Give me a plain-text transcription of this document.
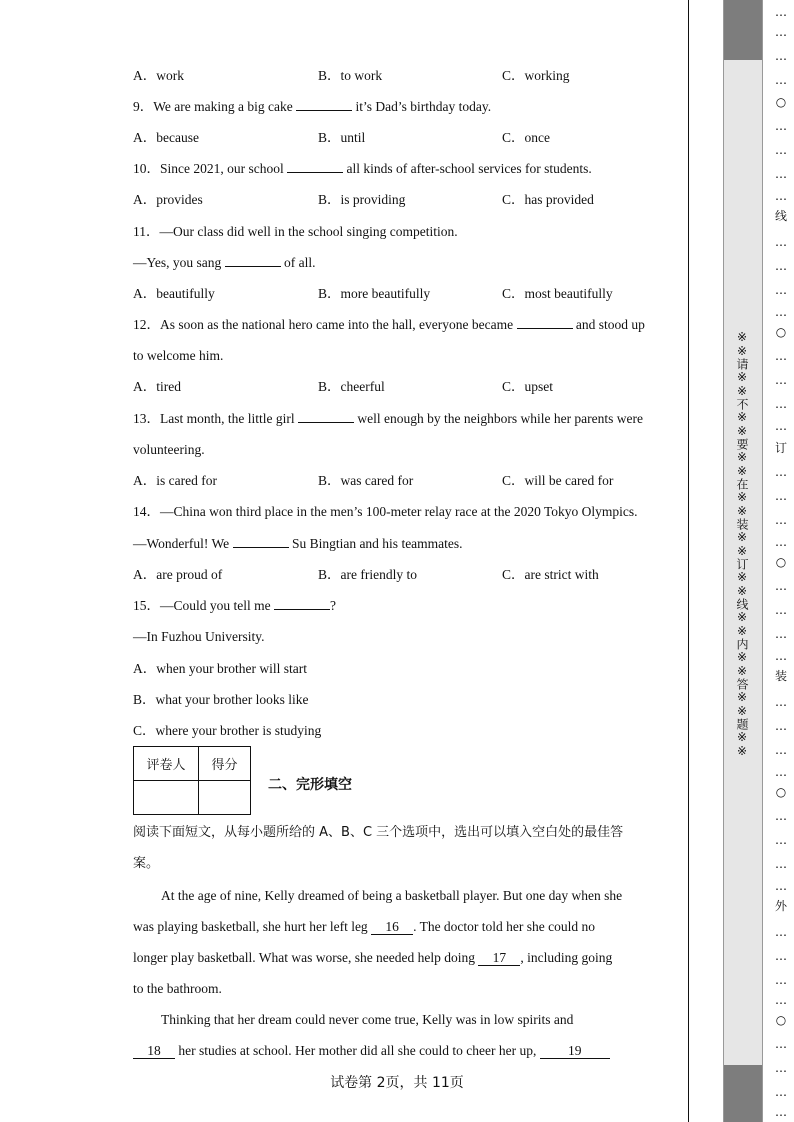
A．work	B．to work	C．working
9．We are making a big cake	it’s Dad’s birthday today.
A．because	B．until	C．once
10．Since 2021, our school	all kinds of after-school services for students.
A．provides	B．is providing	C．has provided
11．—Our class did well in the school singing competition.
—Yes, you sang	of all.
A．beautifully	B．more beautifully	C．most beautifully
12．As soon as the national hero came into the hall, everyone became	and stood up
to welcome him.
A．tired	B．cheerful	C．upset
13．Last month, the little girl	well enough by the neighbors while her parents were
volunteering.
A．is cared for	B．was cared for	C．will be cared for
14．—China won third place in the men’s 100-meter relay race at the 2020 Tokyo Olympics.
—Wonderful! We	Su Bingtian and his teammates.
A．are proud of	B．are friendly to	C．are strict with
15．—Could you tell me	?
—In Fuzhou University.
A．when your brother will start
B．what your brother looks like
C．where your brother is studying
评卷人	得分

二、完形填空
阅读下面短文，从每小题所给的 A、B、C 三个选项中，选出可以填入空白处的最佳答
案。
At the age of nine, Kelly dreamed of being a basketball player. But one day when she
was playing basketball, she hurt her left leg 16 . The doctor told her she could no
longer play basketball. What was worse, she needed help doing 17 , including going
to the bathroom.
Thinking that her dream could never come true, Kelly was in low spirits and
18 her studies at school. Her mother did all she could to cheer her up, 19
试卷第 2页，共 11页
※※请※※不※※要※※在※※装※※订※※线※※内※※答※※题※※
…
…
…
…
○
…
…
…
…
线
…
…
…
…
○
…
…
…
…
订
…
…
…
…
○
…
…
…
…
装
…
…
…
…
○
…
…
…
…
外
…
…
…
…
○
…
…
…
…
